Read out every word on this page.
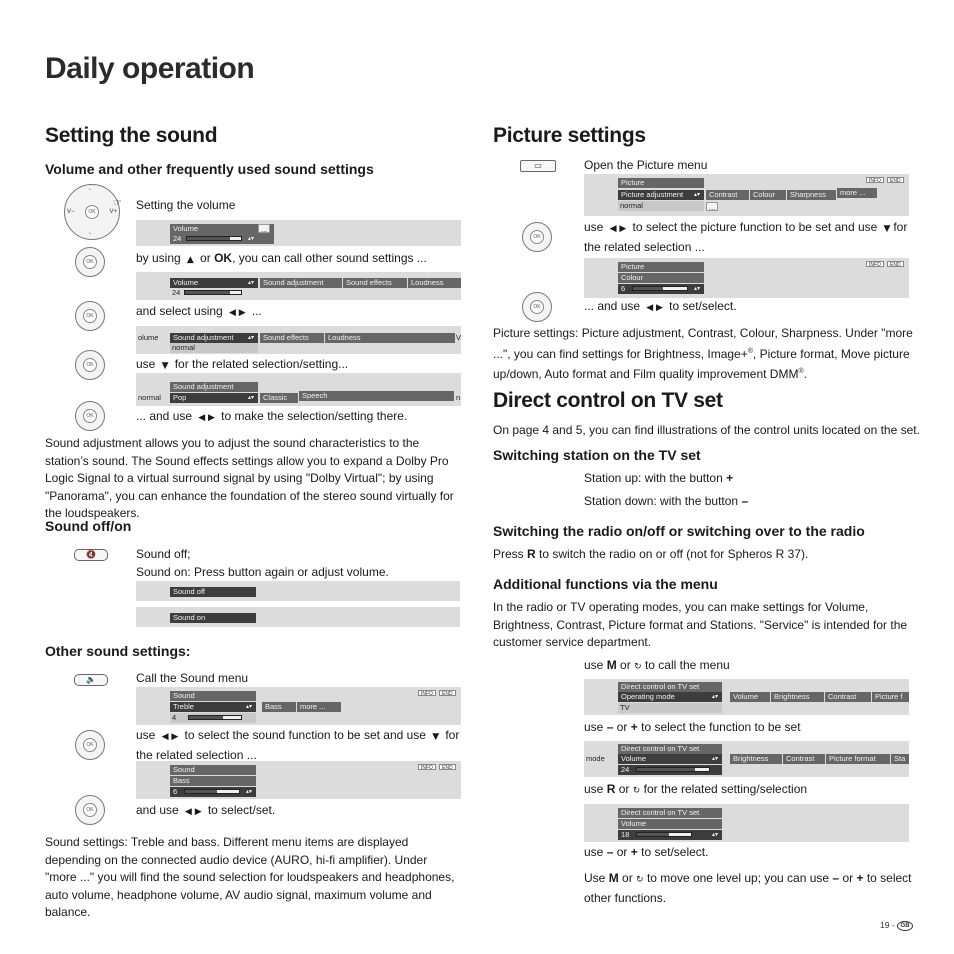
Daily operation
Setting the sound
Volume and other frequently used sound settings
OK
V−	V+
•
•
☞ Setting the volume
Volume
24	▴▾
...
OK	by using  ▲  or OK, you can call other sound settings ...
Volume	▴▾	Sound adjustment	Sound effects	Loudness
24
OK	and select using  ◀ ▶  ...
olume	Sound adjustment	▴▾
normal
Sound effects	Loudness	V
OK	use  ▼  for the related selection/setting...
Sound adjustment
normal	Pop	▴▾	Classic	Speech	n
OK	... and use  ◀ ▶  to make the selection/setting there.
Sound adjustment allows you to adjust the sound characteristics to the station’s sound. The Sound effects settings allow you to expand a Dolby Pro Logic Signal to a virtual surround signal by using "Dolby Virtual"; by using "Panorama", you can enhance the foundation of the stereo sound virtually for the loudspeakers.
Sound off/on
🔇	Sound off;
Sound on: Press button again or adjust volume.
Sound off
Sound on
Other sound settings:
🔈	Call the Sound menu
Sound	INFO	END
Treble	▴▾	Bass	more ...
4
OK
use  ◀ ▶  to select the sound function to be set and use  ▼  for the related selection ...
Sound	INFO	END
Bass
6	▴▾
OK	and use  ◀ ▶  to select/set.
Sound settings: Treble and bass. Different menu items are displayed depending on the connected audio device (AURO, hi-fi amplifier). Under "more ..." you will find the sound selection for loudspeakers and headphones, auto volume, headphone volume, AV audio signal, maximum volume and balance.
Picture settings
▭	Open the Picture menu
Picture	INFO	END
Picture adjustment	▴▾	Contrast	Colour	Sharpness	more ...
normal	...
OK
use  ◀ ▶  to select the picture function to be set and use  ▼ for the related selection ...
Picture	INFO	END
Colour
6	▴▾
OK	... and use  ◀ ▶  to set/select.
Picture settings: Picture adjustment, Contrast, Colour, Sharpness. Under "more ...", you can find settings for Brightness, Image+®, Picture format, Move picture up/down, Auto format and Film quality improvement DMM®.
Direct control on TV set
On page 4 and 5, you can find illustrations of the control units located on the set.
Switching station on the TV set
Station up: with the button +
Station down: with the button –
Switching the radio on/off or switching over to the radio
Press R to switch the radio on or off (not for Spheros R 37).
Additional functions via the menu
In the radio or TV operating modes, you can make settings for Volume, Brightness, Contrast, Picture format and Stations. "Service" is intended for the customer service department.
use M or ↻ to call the menu
Direct control on TV set
Operating mode	▴▾	Volume	Brightness	Contrast	Picture f
TV
use – or + to select the function to be set
Direct control on TV set
mode	Volume	▴▾	Brightness	Contrast	Picture format	Sta
24
use R or ↻ for the related setting/selection
Direct control on TV set
Volume
18	▴▾
use – or + to set/select.
Use M or ↻ to move one level up; you can use – or + to select other functions.
19 - GB
